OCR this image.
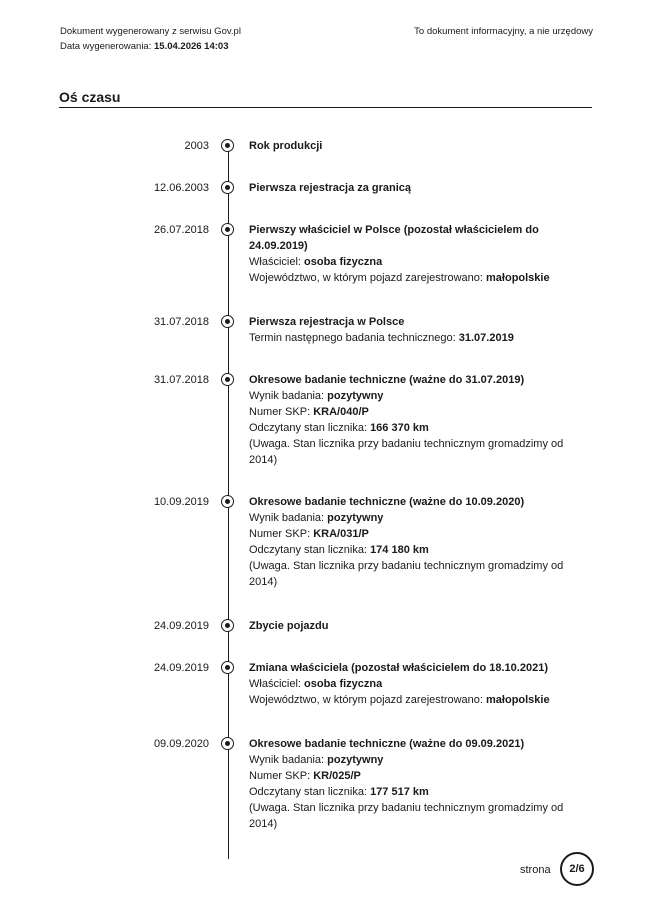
Dokument wygenerowany z serwisu Gov.pl
Data wygenerowania: 15.04.2026 14:03
To dokument informacyjny, a nie urzędowy
Oś czasu
2003	Rok produkcji
12.06.2003	Pierwsza rejestracja za granicą
26.07.2018	Pierwszy właściciel w Polsce (pozostał właścicielem do 24.09.2019)
Właściciel: osoba fizyczna
Województwo, w którym pojazd zarejestrowano: małopolskie
31.07.2018	Pierwsza rejestracja w Polsce
Termin następnego badania technicznego: 31.07.2019
31.07.2018	Okresowe badanie techniczne (ważne do 31.07.2019)
Wynik badania: pozytywny
Numer SKP: KRA/040/P
Odczytany stan licznika: 166 370 km
(Uwaga. Stan licznika przy badaniu technicznym gromadzimy od 2014)
10.09.2019	Okresowe badanie techniczne (ważne do 10.09.2020)
Wynik badania: pozytywny
Numer SKP: KRA/031/P
Odczytany stan licznika: 174 180 km
(Uwaga. Stan licznika przy badaniu technicznym gromadzimy od 2014)
24.09.2019	Zbycie pojazdu
24.09.2019	Zmiana właściciela (pozostał właścicielem do 18.10.2021)
Właściciel: osoba fizyczna
Województwo, w którym pojazd zarejestrowano: małopolskie
09.09.2020	Okresowe badanie techniczne (ważne do 09.09.2021)
Wynik badania: pozytywny
Numer SKP: KR/025/P
Odczytany stan licznika: 177 517 km
(Uwaga. Stan licznika przy badaniu technicznym gromadzimy od 2014)
strona	2/6
